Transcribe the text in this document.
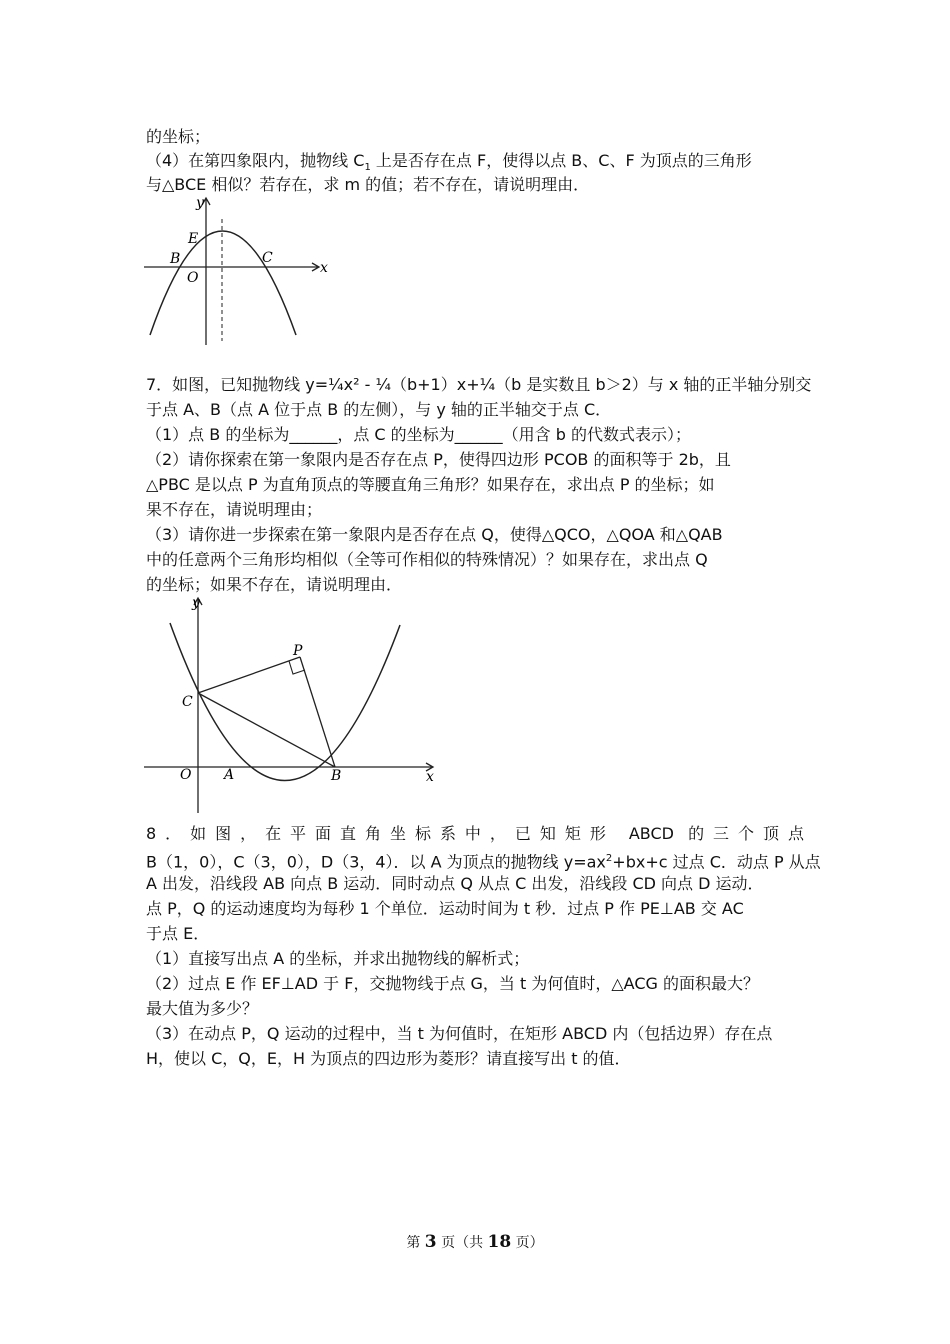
的坐标；
（4）在第四象限内，抛物线 $C_1$ 上是否存在点 F，使得以点 B、C、F 为顶点的三角形
与△BCE 相似？若存在，求 m 的值；若不存在，请说明理由．
y
x
E
B
O
C
7．如图，已知抛物线 y=¼x² - ¼（b+1）x+¼（b 是实数且 b＞2）与 x 轴的正半轴分别交
于点 A、B（点 A 位于点 B 的左侧），与 y 轴的正半轴交于点 C．
（1）点 B 的坐标为______，点 C 的坐标为______（用含 b 的代数式表示）；
（2）请你探索在第一象限内是否存在点 P，使得四边形 PCOB 的面积等于 2b，且
△PBC 是以点 P 为直角顶点的等腰直角三角形？如果存在，求出点 P 的坐标；如
果不存在，请说明理由；
（3）请你进一步探索在第一象限内是否存在点 Q，使得△QCO，△QOA 和△QAB
中的任意两个三角形均相似（全等可作相似的特殊情况）？如果存在，求出点 Q
的坐标；如果不存在，请说明理由．
y
x
P
C
O A	B
8．如图，在平面直角坐标系中，已知矩形 ABCD 的三个顶点
B（1，0），C（3，0），D（3，4）．以 A 为顶点的抛物线 $y=ax^2+bx+c$ 过点 C．动点 P 从点
A 出发，沿线段 AB 向点 B 运动．同时动点 Q 从点 C 出发，沿线段 CD 向点 D 运动．
点 P，Q 的运动速度均为每秒 1 个单位．运动时间为 t 秒．过点 P 作 PE⊥AB 交 AC
于点 E．
（1）直接写出点 A 的坐标，并求出抛物线的解析式；
（2）过点 E 作 EF⊥AD 于 F，交抛物线于点 G，当 t 为何值时，△ACG 的面积最大？
最大值为多少？
（3）在动点 P，Q 运动的过程中，当 t 为何值时，在矩形 ABCD 内（包括边界）存在点
H，使以 C，Q，E，H 为顶点的四边形为菱形？请直接写出 t 的值．
第 3 页（共 18 页）
